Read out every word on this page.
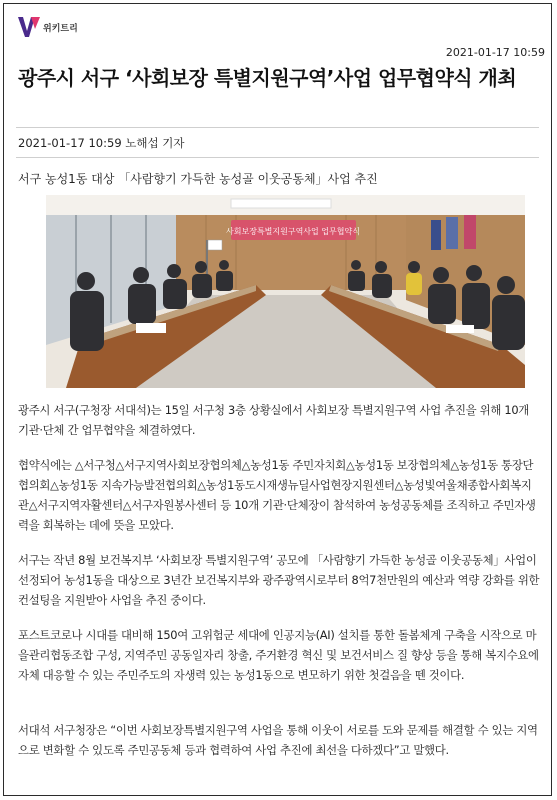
위키트리
2021-01-17 10:59
광주시 서구 ‘사회보장 특별지원구역’사업 업무협약식 개최
2021-01-17 10:59 노해섭 기자
서구 농성1동 대상 「사람향기 가득한 농성골 이웃공동체」사업 추진
사회보장특별지원구역사업 업무협약식

광주시 서구(구청장 서대석)는 15일 서구청 3층 상황실에서 사회보장 특별지원구역 사업 추진을 위해 10개 기관·단체 간 업무협약을 체결하였다.

협약식에는 △서구청△서구지역사회보장협의체△농성1동 주민자치회△농성1동 보장협의체△농성1동 통장단협의회△농성1동 지속가능발전협의회△농성1동도시재생뉴딜사업현장지원센터△농성빛여울채종합사회복지관△서구지역자활센터△서구자원봉사센터 등 10개 기관·단체장이 참석하여 농성공동체를 조직하고 주민자생력을 회복하는 데에 뜻을 모았다.

서구는 작년 8월 보건복지부 ‘사회보장 특별지원구역’ 공모에 「사람향기 가득한 농성골 이웃공동체」사업이 선정되어 농성1동을 대상으로 3년간 보건복지부와 광주광역시로부터 8억7천만원의 예산과 역량 강화를 위한 컨설팅을 지원받아 사업을 추진 중이다.

포스트코로나 시대를 대비해 150여 고위험군 세대에 인공지능(AI) 설치를 통한 돌봄체계 구축을 시작으로 마을관리협동조합 구성, 지역주민 공동일자리 창출, 주거환경 혁신 및 보건서비스 질 향상 등을 통해 복지수요에 자체 대응할 수 있는 주민주도의 자생력 있는 농성1동으로 변모하기 위한 첫걸음을 뗀 것이다.

서대석 서구청장은 “이번 사회보장특별지원구역 사업을 통해 이웃이 서로를 도와 문제를 해결할 수 있는 지역으로 변화할 수 있도록 주민공동체 등과 협력하여 사업 추진에 최선을 다하겠다”고 말했다.
